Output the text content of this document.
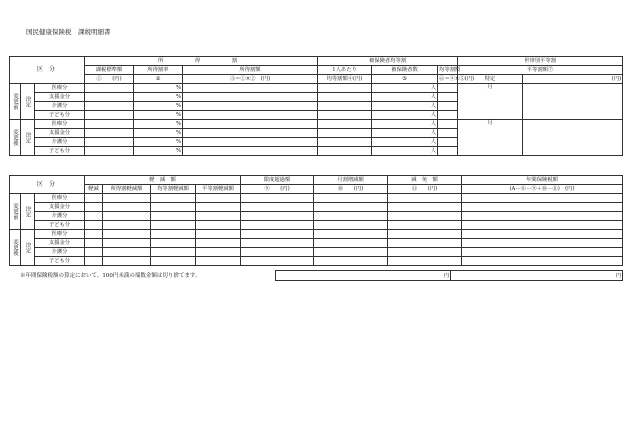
国民健康保険税　課税明細書
区 分			所　　得　　割			被保険者均等割			世帯別平等割	

			課税標準額	所得割率	所得割額	1人あたり	被保険者数	均等割額	平等割額⑦		
			①　　 (円)	②	③＝①×②　 (円)	均等割額④(円)	⑤	⑥＝④×⑤(円)	特定	(円)	
変更前	決定	医療分		%			人		月		
		支援金分		%			人				
		介護分		%			人				
		子ども分		%			人				
変更後	決定	医療分		%			人		月		
		支援金分		%			人				
		介護分		%			人				
		子ども分		%			人				
区 分			軽　減　額				限度超過額	月割増減額	減　免　額	年間保険税額
			軽減	所得割軽減額	均等割軽減額	平等割軽減額	⑨　　 (円)	⑩　　 (円)	⑪　　 (円)	(A－⑧－⑨＋⑩－⑪)　 (円)
変更前	決定	医療分								
		支援金分								
		介護分								
		子ども分								
変更後	決定	医療分								
		支援金分								
		介護分								
		子ども分								
※年間保険税額の算定において、100円未満の端数金額は切り捨てます。	円	円
